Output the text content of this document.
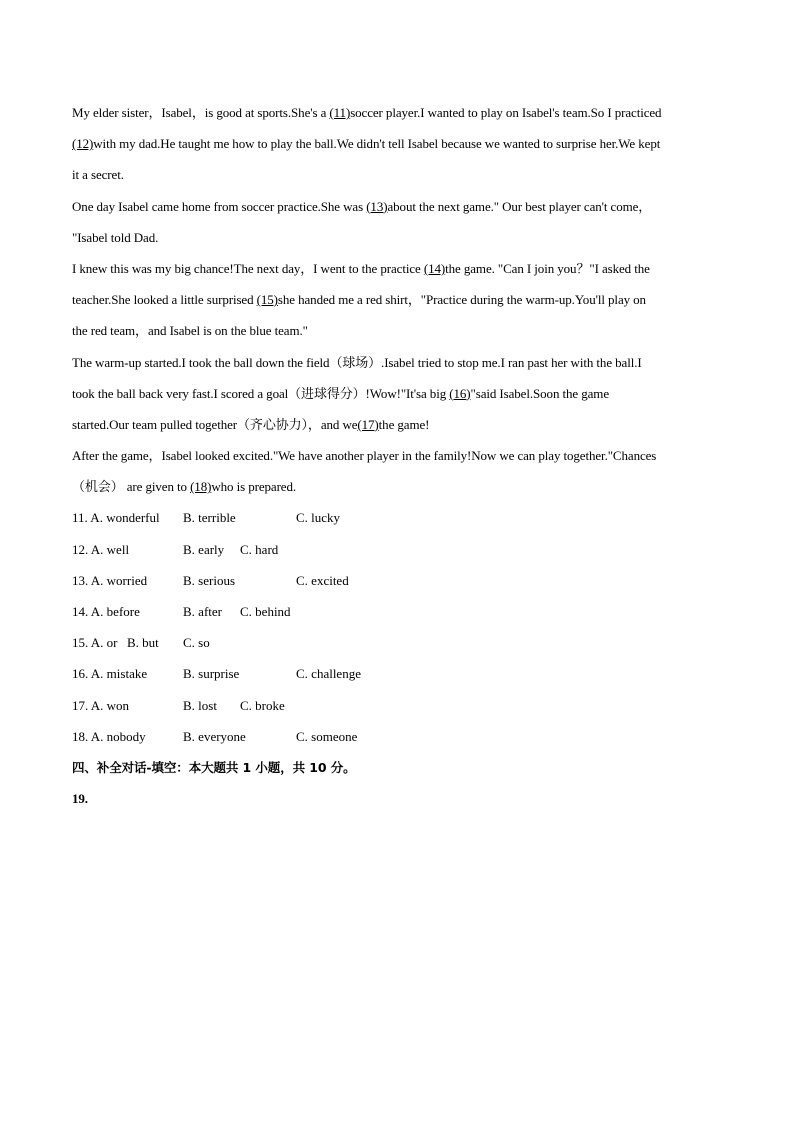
My elder sister，Isabel，is good at sports.She's a (11)soccer player.I wanted to play on Isabel's team.So I practiced
(12)with my dad.He taught me how to play the ball.We didn't tell Isabel because we wanted to surprise her.We kept
it a secret.
One day Isabel came home from soccer practice.She was (13)about the next game." Our best player can't come，
"Isabel told Dad.
I knew this was my big chance!The next day，I went to the practice (14)the game. "Can I join you？"I asked the
teacher.She looked a little surprised (15)she handed me a red shirt，"Practice during the warm-up.You'll play on
the red team，and Isabel is on the blue team."
The warm-up started.I took the ball down the field（球场）.Isabel tried to stop me.I ran past her with the ball.I
took the ball back very fast.I scored a goal（进球得分）!Wow!"It'sa big (16)"said Isabel.Soon the game
started.Our team pulled together（齐心协力），and we(17)the game!
After the game，Isabel looked excited."We have another player in the family!Now we can play together."Chances
（机会） are given to (18)who is prepared.
11. A. wonderful B. terrible	C. lucky
12. A. well	B. early C. hard
13. A. worried	B. serious	C. excited
14. A. before	B. after C. behind
15. A. or B. but C. so
16. A. mistake	B. surprise	C. challenge
17. A. won	B. lost C. broke
18. A. nobody	B. everyone	C. someone
四、补全对话-填空：本大题共 1 小题，共 10 分。
19.
